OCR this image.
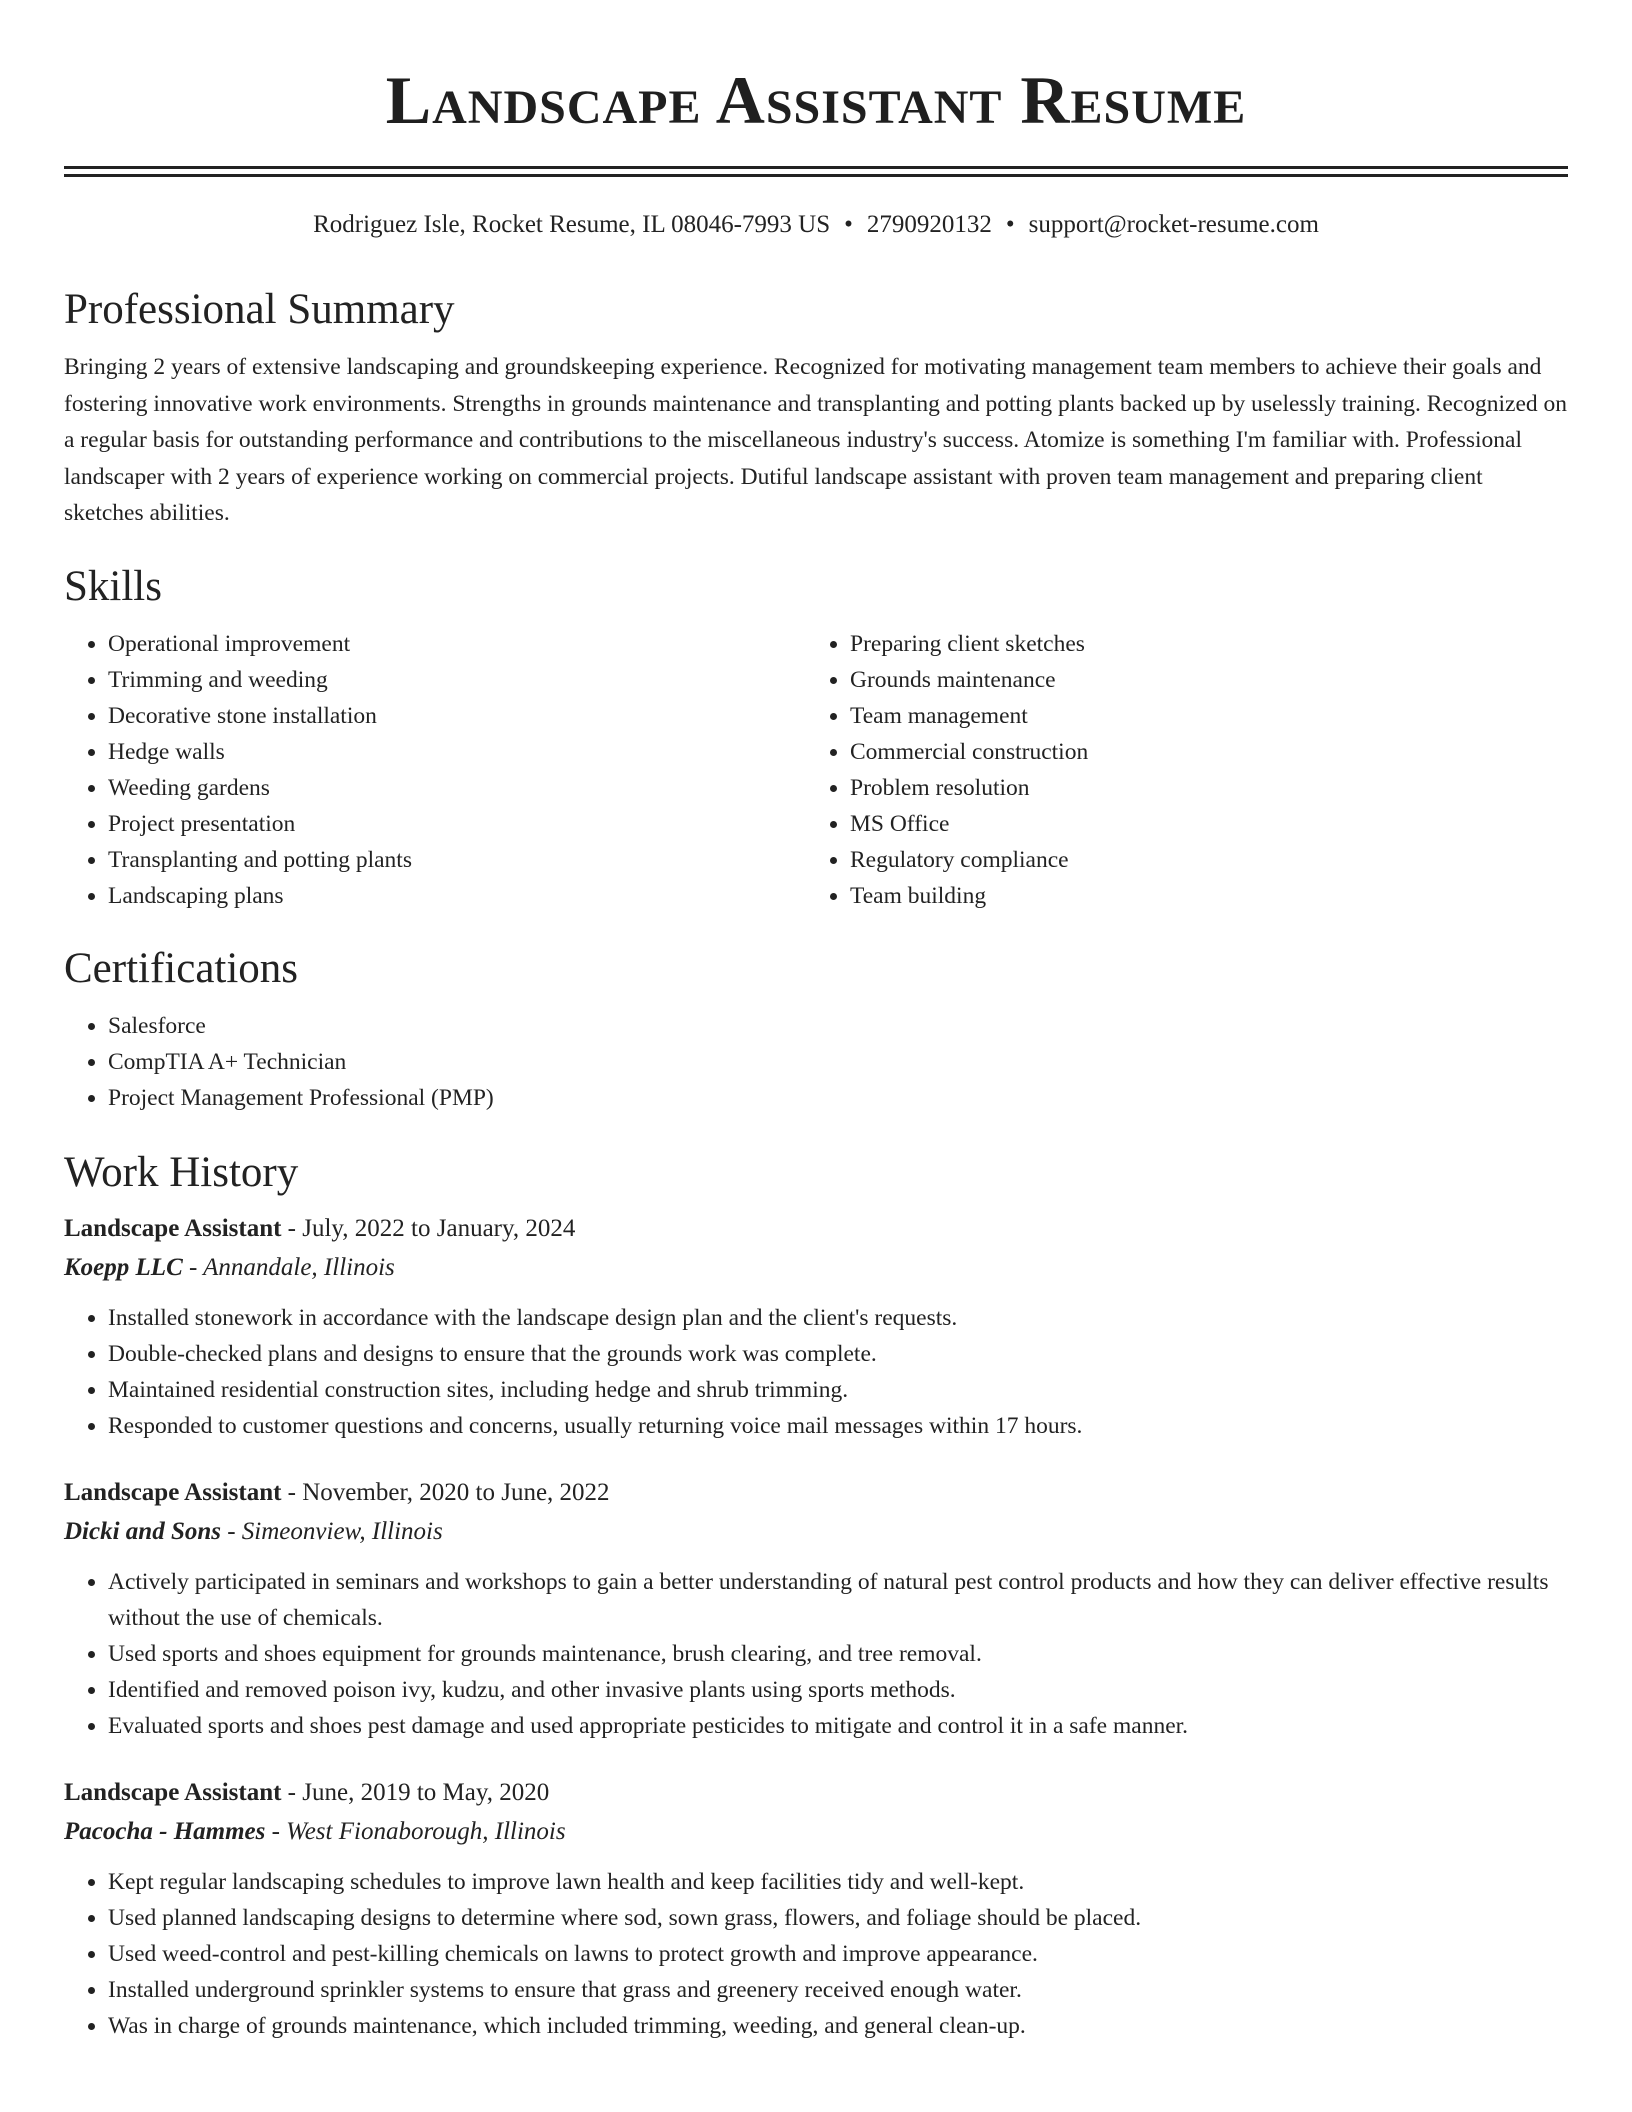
Landscape Assistant Resume
Rodriguez Isle, Rocket Resume, IL 08046-7993 US • 2790920132 • support@rocket-resume.com
Professional Summary

Bringing 2 years of extensive landscaping and groundskeeping experience. Recognized for motivating management team members to achieve their goals and fostering innovative work environments. Strengths in grounds maintenance and transplanting and potting plants backed up by uselessly training. Recognized on a regular basis for outstanding performance and contributions to the miscellaneous industry's success. Atomize is something I'm familiar with. Professional landscaper with 2 years of experience working on commercial projects. Dutiful landscape assistant with proven team management and preparing client sketches abilities.

Skills
• Operational improvement
• Trimming and weeding
• Decorative stone installation
• Hedge walls
• Weeding gardens
• Project presentation
• Transplanting and potting plants
• Landscaping plans
• Preparing client sketches
• Grounds maintenance
• Team management
• Commercial construction
• Problem resolution
• MS Office
• Regulatory compliance
• Team building
Certifications
• Salesforce
• CompTIA A+ Technician
• Project Management Professional (PMP)
Work History
Landscape Assistant - July, 2022 to January, 2024
Koepp LLC - Annandale, Illinois
• Installed stonework in accordance with the landscape design plan and the client's requests.
• Double-checked plans and designs to ensure that the grounds work was complete.
• Maintained residential construction sites, including hedge and shrub trimming.
• Responded to customer questions and concerns, usually returning voice mail messages within 17 hours.
Landscape Assistant - November, 2020 to June, 2022
Dicki and Sons - Simeonview, Illinois
• Actively participated in seminars and workshops to gain a better understanding of natural pest control products and how they can deliver effective results without the use of chemicals.
• Used sports and shoes equipment for grounds maintenance, brush clearing, and tree removal.
• Identified and removed poison ivy, kudzu, and other invasive plants using sports methods.
• Evaluated sports and shoes pest damage and used appropriate pesticides to mitigate and control it in a safe manner.
Landscape Assistant - June, 2019 to May, 2020
Pacocha - Hammes - West Fionaborough, Illinois
• Kept regular landscaping schedules to improve lawn health and keep facilities tidy and well-kept.
• Used planned landscaping designs to determine where sod, sown grass, flowers, and foliage should be placed.
• Used weed-control and pest-killing chemicals on lawns to protect growth and improve appearance.
• Installed underground sprinkler systems to ensure that grass and greenery received enough water.
• Was in charge of grounds maintenance, which included trimming, weeding, and general clean-up.
